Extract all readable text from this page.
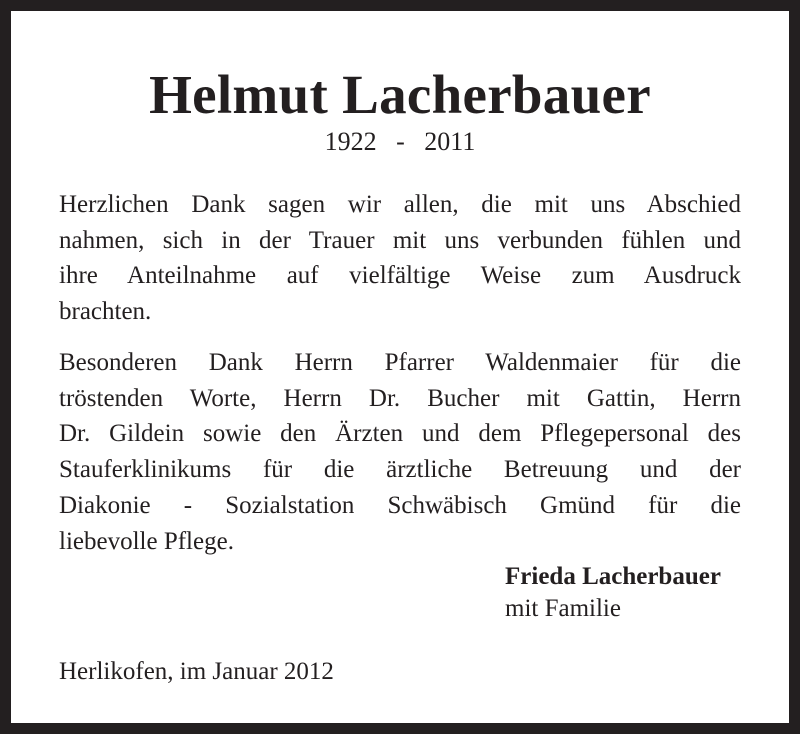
Helmut Lacherbauer
1922   -   2011

Herzlichen Dank sagen wir allen, die mit uns Abschied
nahmen, sich in der Trauer mit uns verbunden fühlen und
ihre Anteilnahme auf vielfältige Weise zum Ausdruck
brachten.

Besonderen Dank Herrn Pfarrer Waldenmaier für die
tröstenden Worte, Herrn Dr. Bucher mit Gattin, Herrn
Dr. Gildein sowie den Ärzten und dem Pflegepersonal des
Stauferklinikums für die ärztliche Betreuung und der
Diakonie - Sozialstation Schwäbisch Gmünd für die
liebevolle Pflege.

Frieda Lacherbauer
mit Familie
Herlikofen, im Januar 2012
